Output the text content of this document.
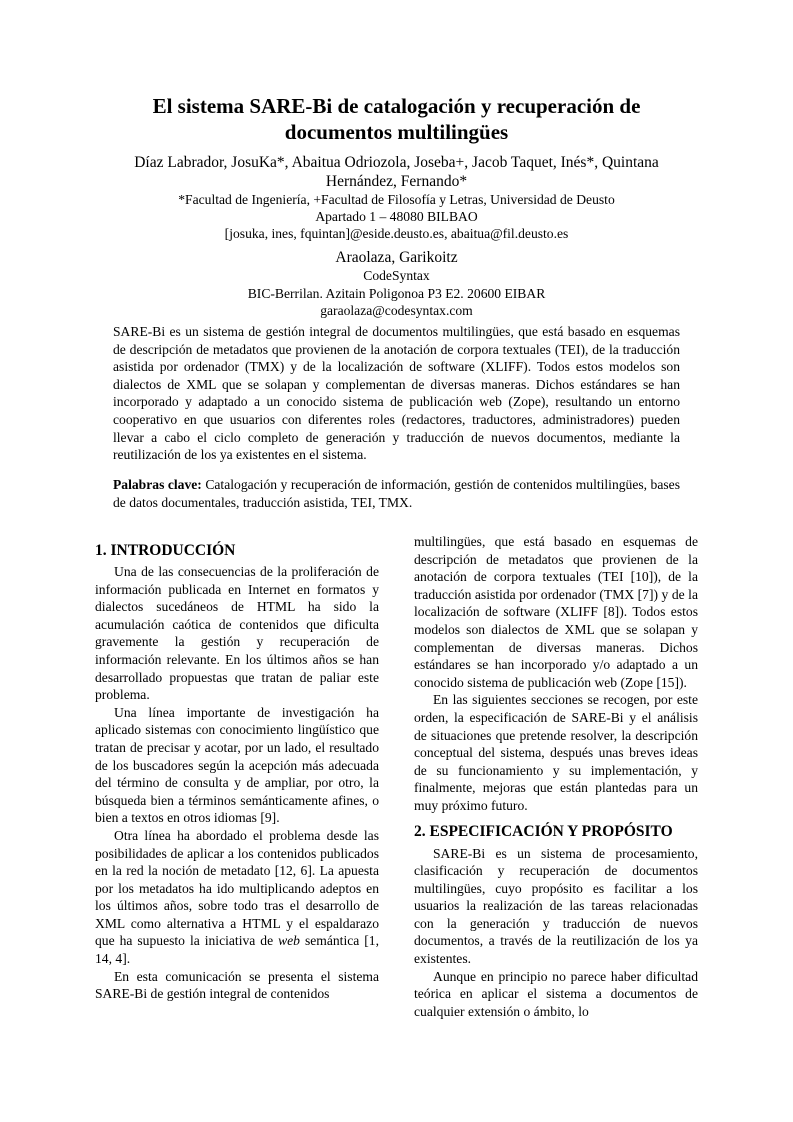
El sistema SARE-Bi de catalogación y recuperación de
documentos multilingües
Díaz Labrador, JosuKa*, Abaitua Odriozola, Joseba+, Jacob Taquet, Inés*, Quintana
Hernández, Fernando*
*Facultad de Ingeniería, +Facultad de Filosofía y Letras, Universidad de Deusto
Apartado 1 – 48080 BILBAO
[josuka, ines, fquintan]@eside.deusto.es, abaitua@fil.deusto.es
Araolaza, Garikoitz
CodeSyntax
BIC-Berrilan. Azitain Poligonoa P3 E2. 20600 EIBAR
garaolaza@codesyntax.com

SARE-Bi es un sistema de gestión integral de documentos multilingües, que está basado en esquemas de descripción de metadatos que provienen de la anotación de corpora textuales (TEI), de la traducción asistida por ordenador (TMX) y de la localización de software (XLIFF). Todos estos modelos son dialectos de XML que se solapan y complementan de diversas maneras. Dichos estándares se han incorporado y adaptado a un conocido sistema de publicación web (Zope), resultando un entorno cooperativo en que usuarios con diferentes roles (redactores, traductores, administradores) pueden llevar a cabo el ciclo completo de generación y traducción de nuevos documentos, mediante la reutilización de los ya existentes en el sistema.

Palabras clave: Catalogación y recuperación de información, gestión de contenidos multilingües, bases de datos documentales, traducción asistida, TEI, TMX.

1. INTRODUCCIÓN

Una de las consecuencias de la proliferación de información publicada en Internet en formatos y dialectos sucedáneos de HTML ha sido la acumulación caótica de contenidos que dificulta gravemente la gestión y recuperación de información relevante. En los últimos años se han desarrollado propuestas que tratan de paliar este problema.

Una línea importante de investigación ha aplicado sistemas con conocimiento lingüístico que tratan de precisar y acotar, por un lado, el resultado de los buscadores según la acepción más adecuada del término de consulta y de ampliar, por otro, la búsqueda bien a términos semánticamente afines, o bien a textos en otros idiomas [9].

Otra línea ha abordado el problema desde las posibilidades de aplicar a los contenidos publicados en la red la noción de metadato [12, 6]. La apuesta por los metadatos ha ido multiplicando adeptos en los últimos años, sobre todo tras el desarrollo de XML como alternativa a HTML y el espaldarazo que ha supuesto la iniciativa de web semántica [1, 14, 4].

En esta comunicación se presenta el sistema SARE-Bi de gestión integral de contenidos

multilingües, que está basado en esquemas de descripción de metadatos que provienen de la anotación de corpora textuales (TEI [10]), de la traducción asistida por ordenador (TMX [7]) y de la localización de software (XLIFF [8]). Todos estos modelos son dialectos de XML que se solapan y complementan de diversas maneras. Dichos estándares se han incorporado y/o adaptado a un conocido sistema de publicación web (Zope [15]).

En las siguientes secciones se recogen, por este orden, la especificación de SARE-Bi y el análisis de situaciones que pretende resolver, la descripción conceptual del sistema, después unas breves ideas de su funcionamiento y su implementación, y finalmente, mejoras que están plantedas para un muy próximo futuro.

2. ESPECIFICACIÓN Y PROPÓSITO

SARE-Bi es un sistema de procesamiento, clasificación y recuperación de documentos multilingües, cuyo propósito es facilitar a los usuarios la realización de las tareas relacionadas con la generación y traducción de nuevos documentos, a través de la reutilización de los ya existentes.

Aunque en principio no parece haber dificultad teórica en aplicar el sistema a documentos de cualquier extensión o ámbito, lo
